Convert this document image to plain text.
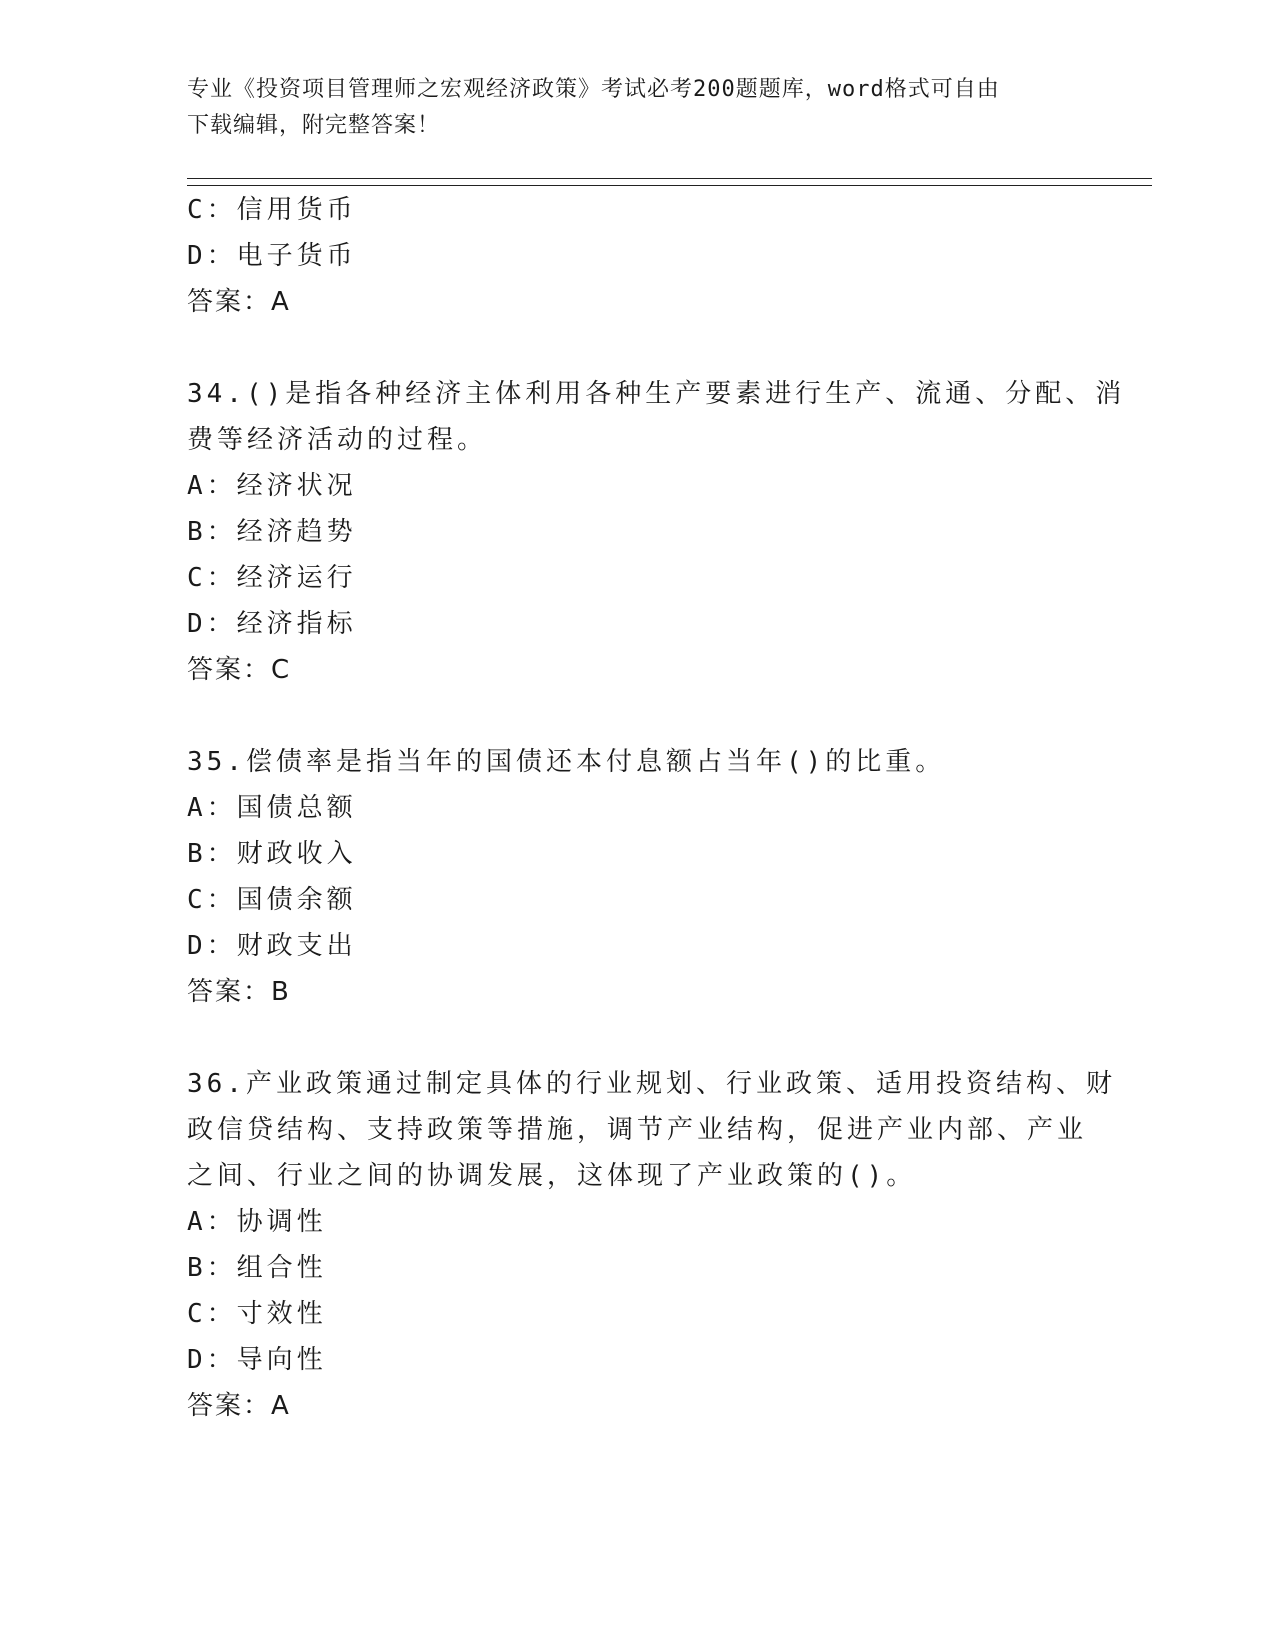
专业《投资项目管理师之宏观经济政策》考试必考200题题库，word格式可自由
下载编辑，附完整答案！
C：信用货币
D：电子货币
答案：A
34.()是指各种经济主体利用各种生产要素进行生产、流通、分配、消
费等经济活动的过程。
A：经济状况
B：经济趋势
C：经济运行
D：经济指标
答案：C
35.偿债率是指当年的国债还本付息额占当年()的比重。
A：国债总额
B：财政收入
C：国债余额
D：财政支出
答案：B
36.产业政策通过制定具体的行业规划、行业政策、适用投资结构、财
政信贷结构、支持政策等措施，调节产业结构，促进产业内部、产业
之间、行业之间的协调发展，这体现了产业政策的()。
A：协调性
B：组合性
C：寸效性
D：导向性
答案：A
